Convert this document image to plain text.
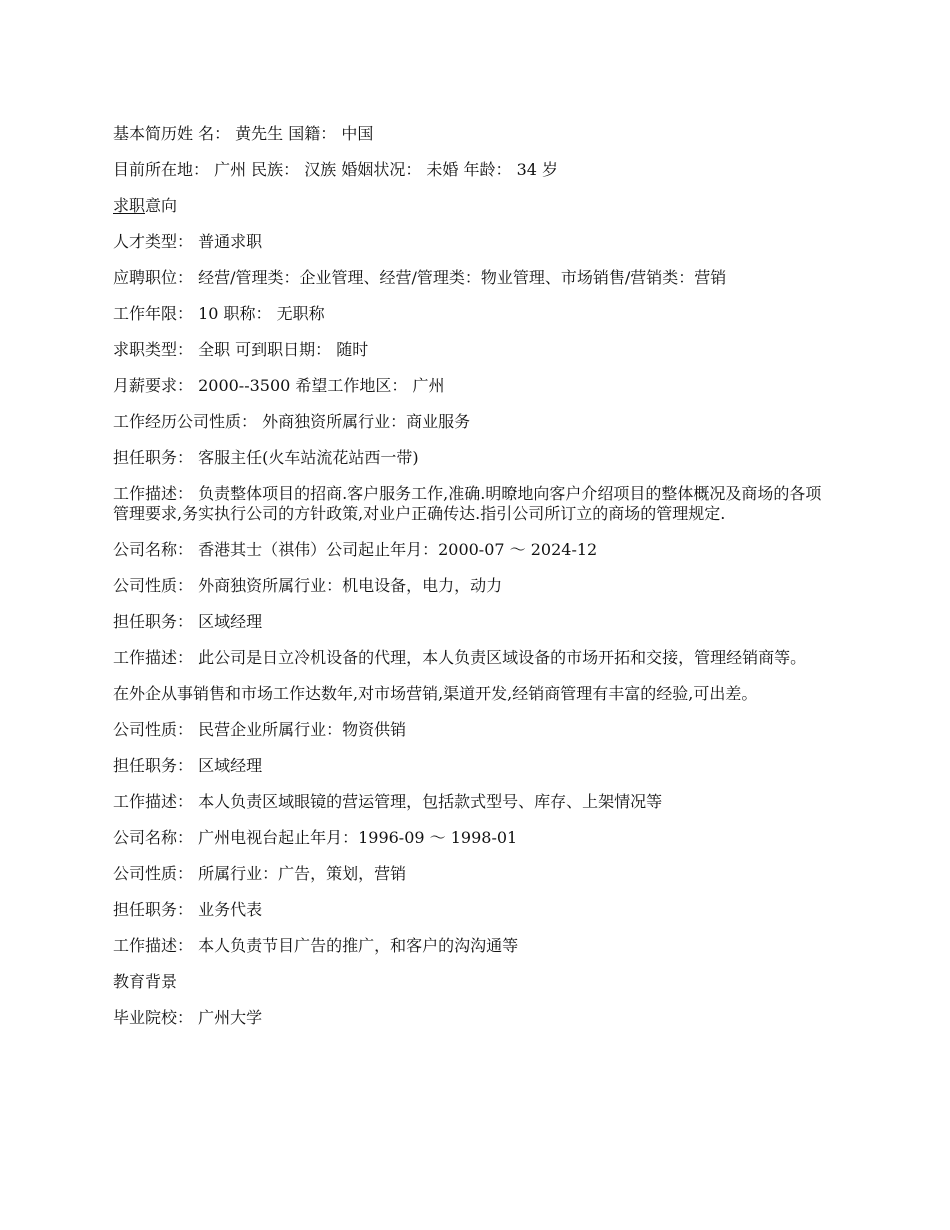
基本简历姓 名： 黄先生 国籍： 中国

目前所在地： 广州 民族： 汉族 婚姻状况： 未婚 年龄： 34 岁

求职意向

人才类型： 普通求职

应聘职位： 经营/管理类：企业管理、经营/管理类：物业管理、市场销售/营销类：营销

工作年限： 10 职称： 无职称

求职类型： 全职 可到职日期： 随时

月薪要求： 2000--3500 希望工作地区： 广州

工作经历公司性质： 外商独资所属行业：商业服务

担任职务： 客服主任(火车站流花站西一带)

工作描述： 负责整体项目的招商.客户服务工作,准确.明暸地向客户介绍项目的整体概况及商场的各项管理要求,务实执行公司的方针政策,对业户正确传达.指引公司所订立的商场的管理规定.

公司名称： 香港其士（祺伟）公司起止年月：2000-07 ～ 2024-12

公司性质： 外商独资所属行业：机电设备，电力，动力

担任职务： 区域经理

工作描述： 此公司是日立冷机设备的代理，本人负责区域设备的市场开拓和交接，管理经销商等。

在外企从事销售和市场工作达数年,对市场营销,渠道开发,经销商管理有丰富的经验,可出差。

公司性质： 民营企业所属行业：物资供销

担任职务： 区域经理

工作描述： 本人负责区域眼镜的营运管理，包括款式型号、库存、上架情况等

公司名称： 广州电视台起止年月：1996-09 ～ 1998-01

公司性质： 所属行业：广告，策划，营销

担任职务： 业务代表

工作描述： 本人负责节目广告的推广，和客户的沟沟通等

教育背景

毕业院校： 广州大学
